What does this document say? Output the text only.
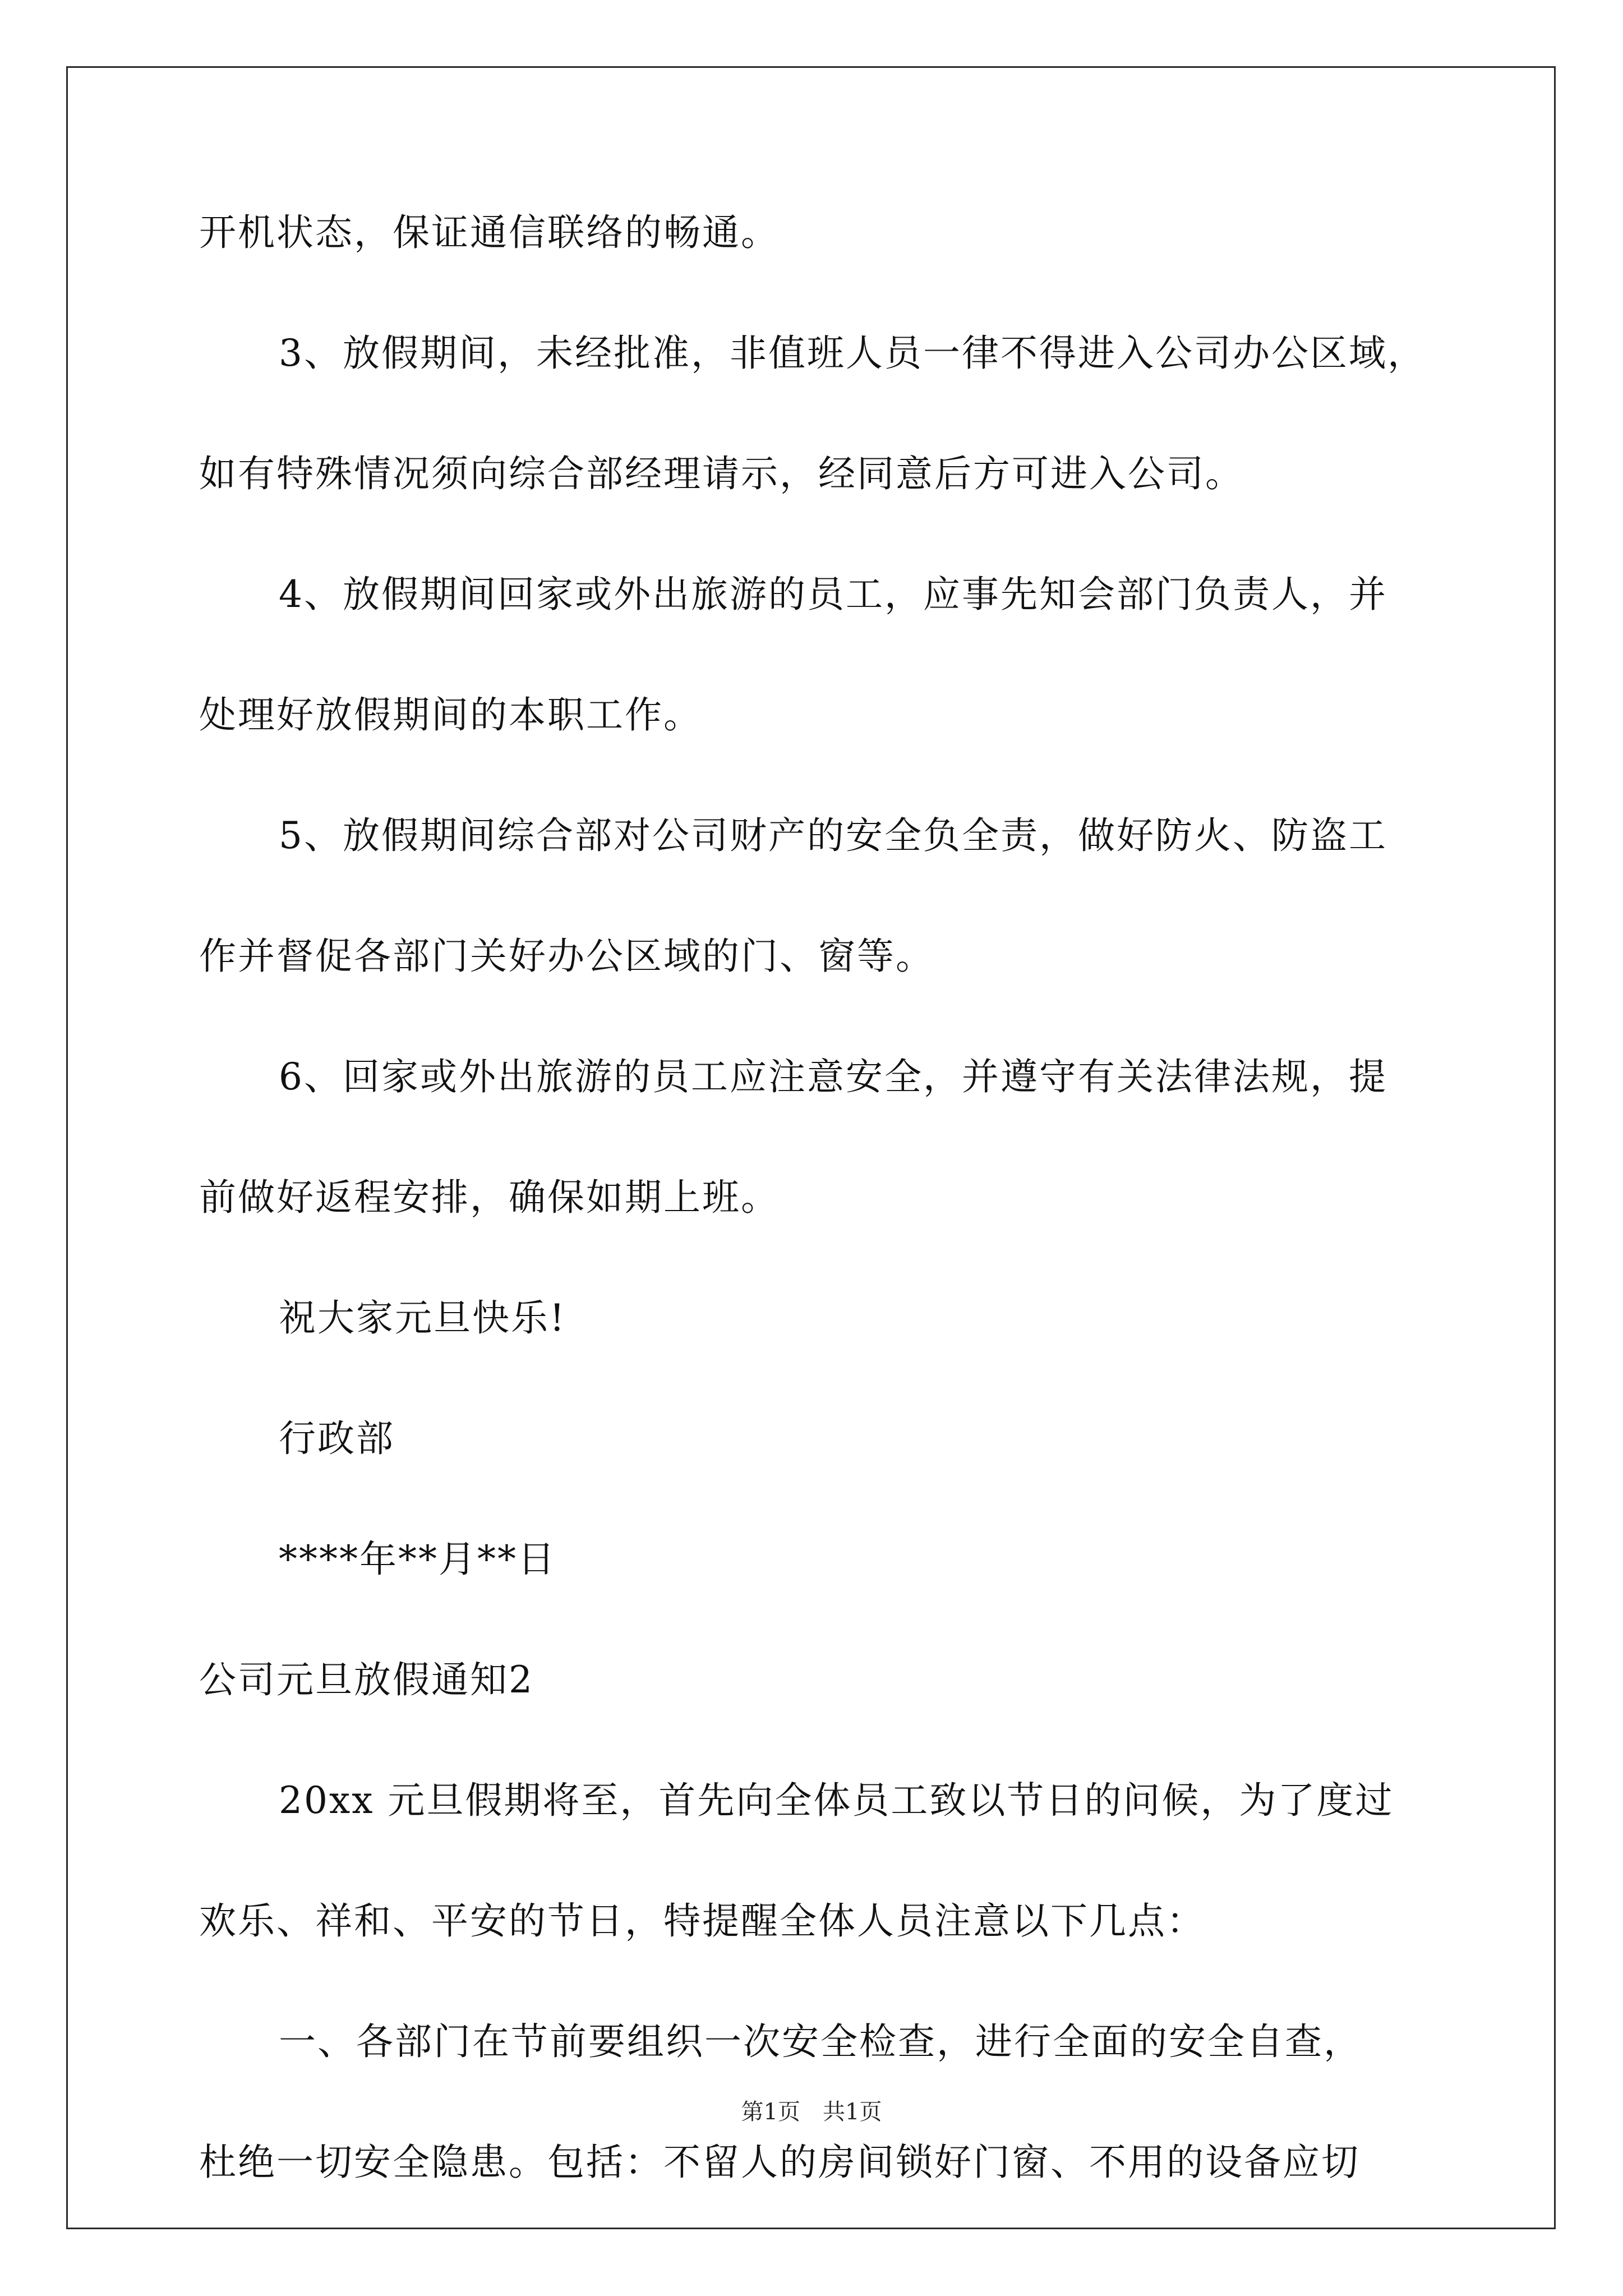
开机状态，保证通信联络的畅通。
3、放假期间，未经批准，非值班人员一律不得进入公司办公区域，
如有特殊情况须向综合部经理请示，经同意后方可进入公司。
4、放假期间回家或外出旅游的员工，应事先知会部门负责人，并
处理好放假期间的本职工作。
5、放假期间综合部对公司财产的安全负全责，做好防火、防盗工
作并督促各部门关好办公区域的门、窗等。
6、回家或外出旅游的员工应注意安全，并遵守有关法律法规，提
前做好返程安排，确保如期上班。
祝大家元旦快乐!
行政部
****年**月**日
公司元旦放假通知2
20xx 元旦假期将至，首先向全体员工致以节日的问候，为了度过
欢乐、祥和、平安的节日，特提醒全体人员注意以下几点：
一、各部门在节前要组织一次安全检查，进行全面的安全自查，
杜绝一切安全隐患。包括：不留人的房间锁好门窗、不用的设备应切
第1页　共1页
